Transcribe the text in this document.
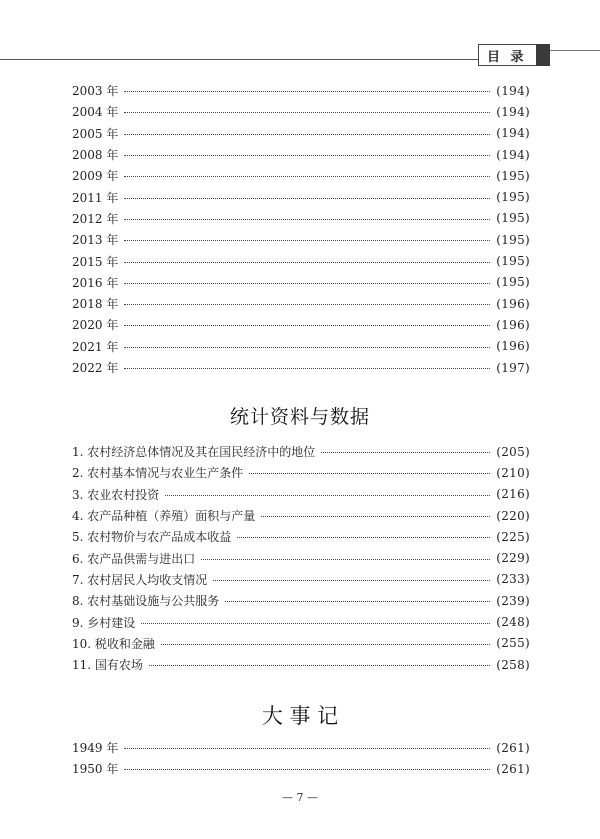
目 录
2003 年	(194)
2004 年	(194)
2005 年	(194)
2008 年	(194)
2009 年	(195)
2011 年	(195)
2012 年	(195)
2013 年	(195)
2015 年	(195)
2016 年	(195)
2018 年	(196)
2020 年	(196)
2021 年	(196)
2022 年	(197)
统计资料与数据
1. 农村经济总体情况及其在国民经济中的地位	(205)
2. 农村基本情况与农业生产条件	(210)
3. 农业农村投资	(216)
4. 农产品种植（养殖）面积与产量	(220)
5. 农村物价与农产品成本收益	(225)
6. 农产品供需与进出口	(229)
7. 农村居民人均收支情况	(233)
8. 农村基础设施与公共服务	(239)
9. 乡村建设	(248)
10. 税收和金融	(255)
11. 国有农场	(258)
大 事 记
1949 年	(261)
1950 年	(261)
— 7 —
